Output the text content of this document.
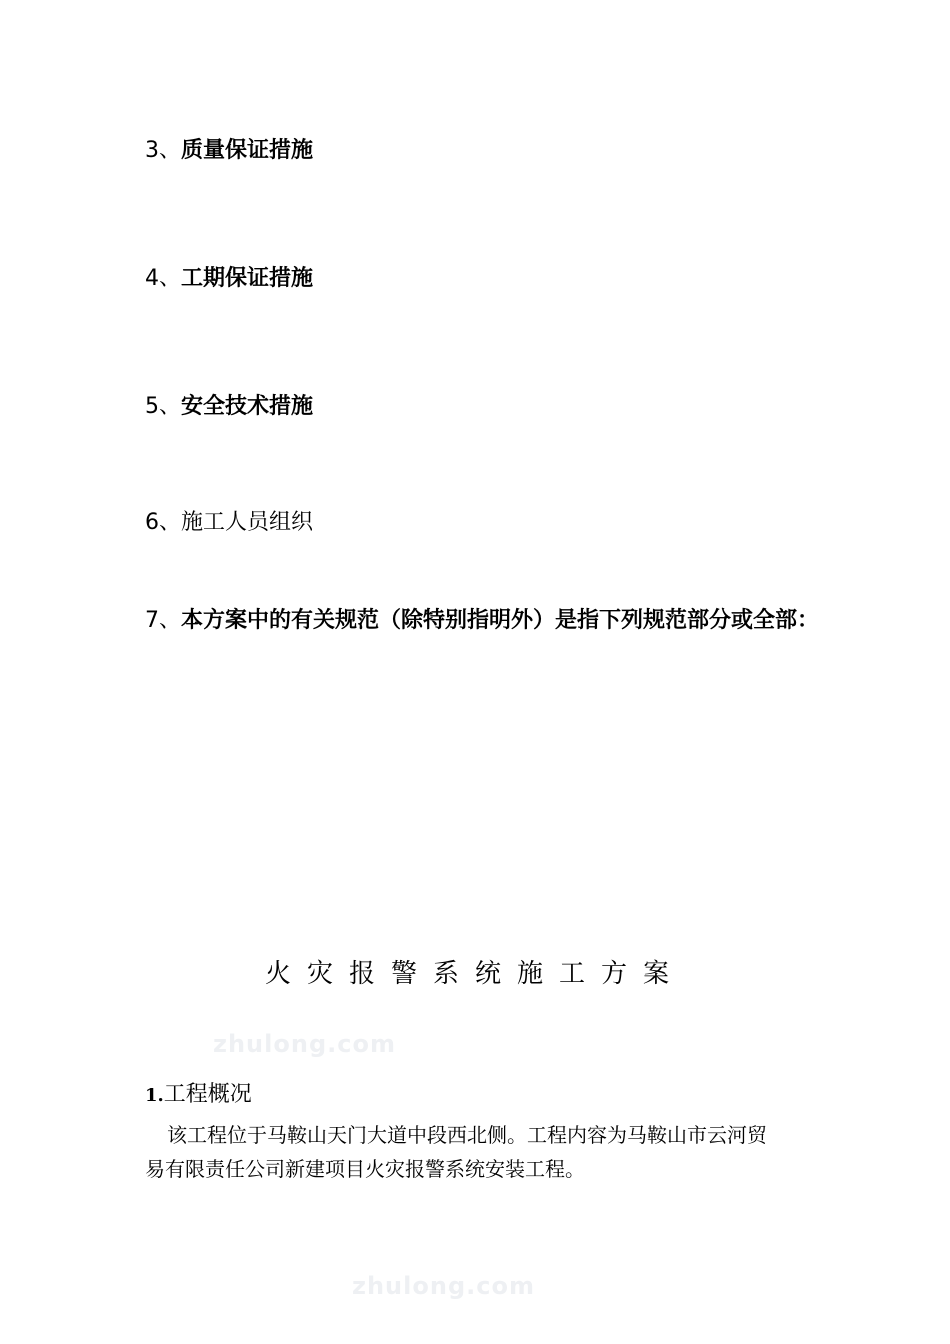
3、质量保证措施
4、工期保证措施
5、安全技术措施
6、施工人员组织
7、本方案中的有关规范（除特别指明外）是指下列规范部分或全部：
火灾报警系统施工方案
zhulong.com
1.工程概况
该工程位于马鞍山天门大道中段西北侧。工程内容为马鞍山市云河贸
易有限责任公司新建项目火灾报警系统安装工程。
zhulong.com
